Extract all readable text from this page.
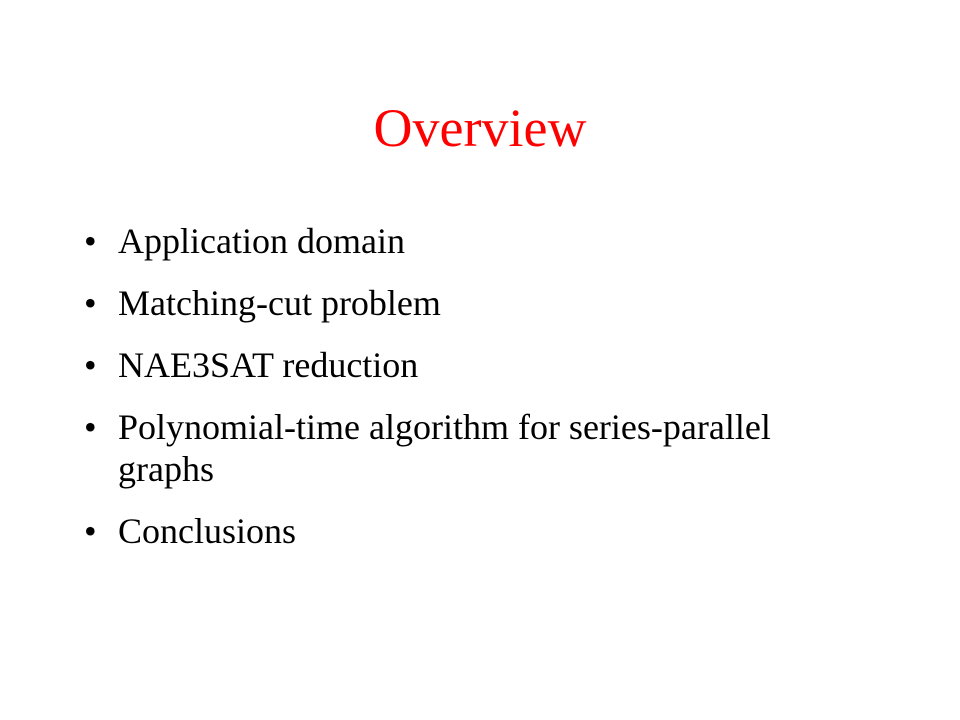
Overview
• Application domain
• Matching-cut problem
• NAE3SAT reduction
• Polynomial-time algorithm for series-parallel graphs
• Conclusions
